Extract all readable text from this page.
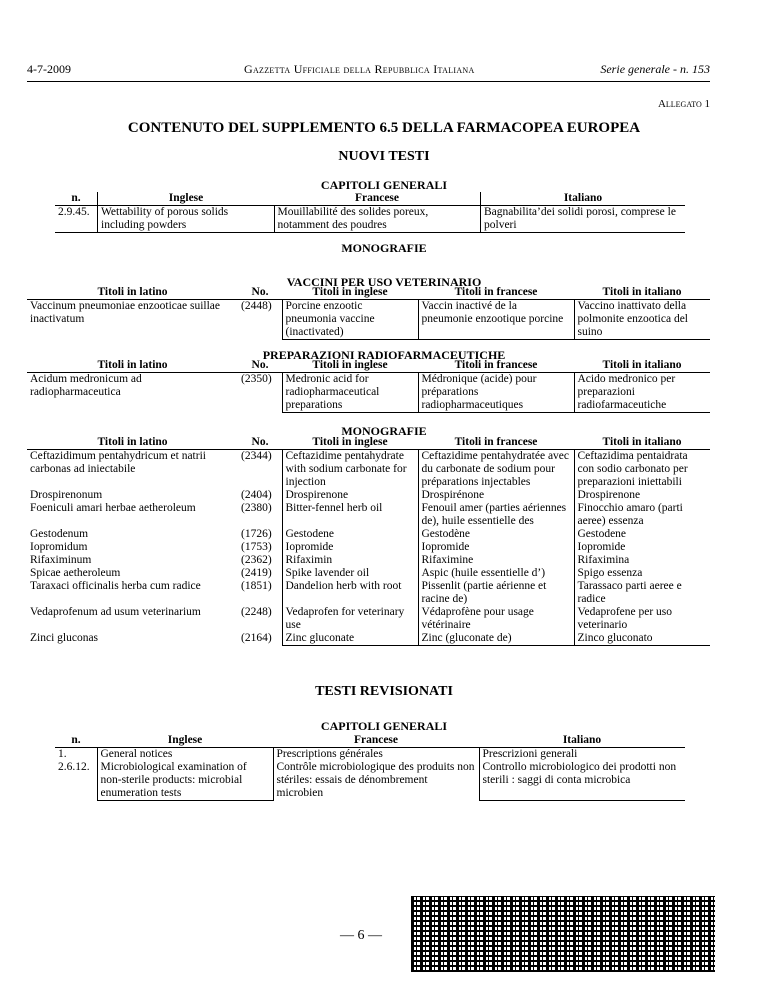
4-7-2009	Gazzetta Ufficiale della Repubblica Italiana	Serie generale - n. 153
Allegato 1
CONTENUTO DEL SUPPLEMENTO 6.5 DELLA FARMACOPEA EUROPEA
NUOVI TESTI
CAPITOLI GENERALI
n.	Inglese	Francese	Italiano
2.9.45.	Wettability of porous solids including powders	Mouillabilité des solides poreux, notamment des poudres	Bagnabilita’dei solidi porosi, comprese le polveri
MONOGRAFIE
VACCINI PER USO VETERINARIO
Titoli in latino	No.	Titoli in inglese	Titoli in francese	Titoli in italiano
Vaccinum pneumoniae enzooticae suillae inactivatum	(2448)	Porcine enzootic pneumonia vaccine (inactivated)	Vaccin inactivé de la pneumonie enzootique porcine	Vaccino inattivato della polmonite enzootica del suino
PREPARAZIONI RADIOFARMACEUTICHE
Titoli in latino	No.	Titoli in inglese	Titoli in francese	Titoli in italiano
Acidum medronicum ad radiopharmaceutica	(2350)	Medronic acid for radiopharmaceutical preparations	Médronique (acide) pour préparations radiopharmaceutiques	Acido medronico per preparazioni radiofarmaceutiche
MONOGRAFIE
Titoli in latino	No.	Titoli in inglese	Titoli in francese	Titoli in italiano
Ceftazidimum pentahydricum et natrii carbonas ad iniectabile	(2344)	Ceftazidime pentahydrate with sodium carbonate for injection	Ceftazidime pentahydratée avec du carbonate de sodium pour préparations injectables	Ceftazidima pentaidrata con sodio carbonato per preparazioni iniettabili
Drospirenonum	(2404)	Drospirenone	Drospirénone	Drospirenone
Foeniculi amari herbae aetheroleum	(2380)	Bitter-fennel herb oil	Fenouil amer (parties aériennes de), huile essentielle des	Finocchio amaro (parti aeree) essenza
Gestodenum	(1726)	Gestodene	Gestodène	Gestodene
Iopromidum	(1753)	Iopromide	Iopromide	Iopromide
Rifaximinum	(2362)	Rifaximin	Rifaximine	Rifaximina
Spicae aetheroleum	(2419)	Spike lavender oil	Aspic (huile essentielle d’)	Spigo essenza
Taraxaci officinalis herba cum radice	(1851)	Dandelion herb with root	Pissenlit (partie aérienne et racine de)	Tarassaco parti aeree e radice
Vedaprofenum ad usum veterinarium	(2248)	Vedaprofen for veterinary use	Védaprofène pour usage vétérinaire	Vedaprofene per uso veterinario
Zinci gluconas	(2164)	Zinc gluconate	Zinc (gluconate de)	Zinco gluconato
TESTI REVISIONATI
CAPITOLI GENERALI
n.	Inglese	Francese	Italiano
1.	General notices	Prescriptions générales	Prescrizioni generali
2.6.12.	Microbiological examination of non-sterile products: microbial enumeration tests	Contrôle microbiologique des produits non stériles: essais de dénombrement microbien	Controllo microbiologico dei prodotti non sterili : saggi di conta microbica
— 6 —
